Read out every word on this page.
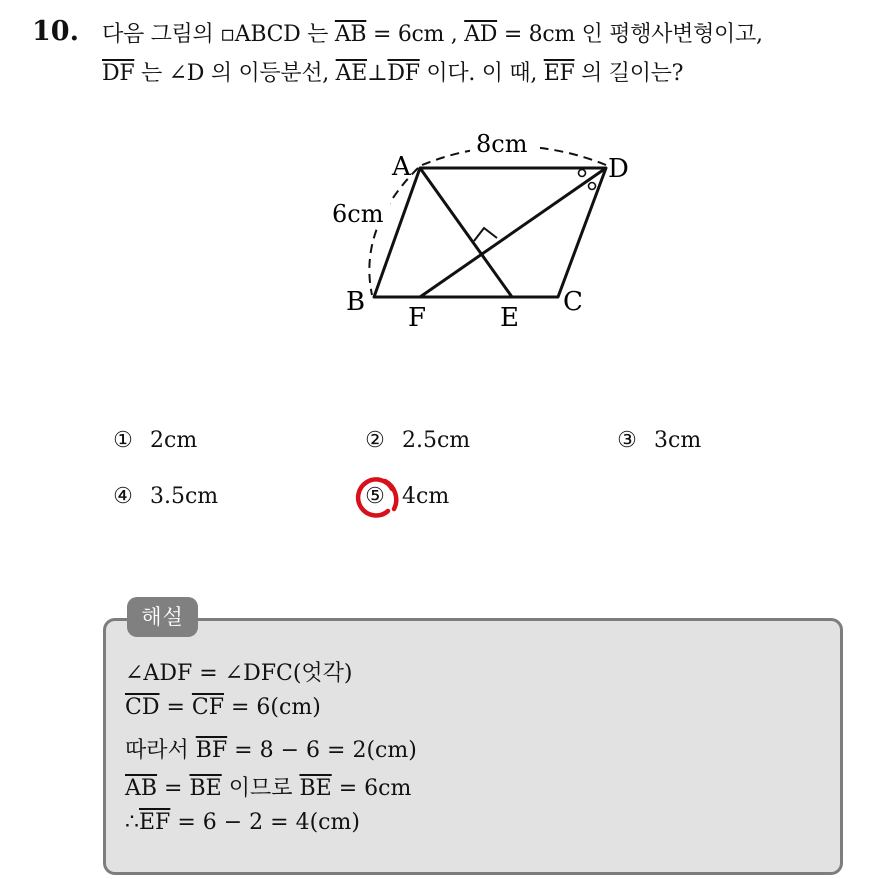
10. 다음 그림의 ▫ABCD 는 $\overline{AB} = 6cm$ , $\overline{AD} = 8cm$ 인 평행사변형이고,
$\overline{DF}$ 는 ∠D 의 이등분선, $\overline{AE}\perp\overline{DF}$ 이다. 이 때, $\overline{EF}$ 의 길이는?
8cm
6cm
A	D
B	C
F	E
① 2cm	② 2.5cm	③ 3cm
④ 3.5cm	⑤ 4cm
해설
∠ADF = ∠DFC(엇각)
$\overline{CD} = \overline{CF} = 6(cm)$
따라서 $\overline{BF} = 8 - 6 = 2(cm)$
$\overline{AB} = \overline{BE}$ 이므로 $\overline{BE} = 6cm$
$\therefore\overline{EF} = 6 - 2 = 4(cm)$
